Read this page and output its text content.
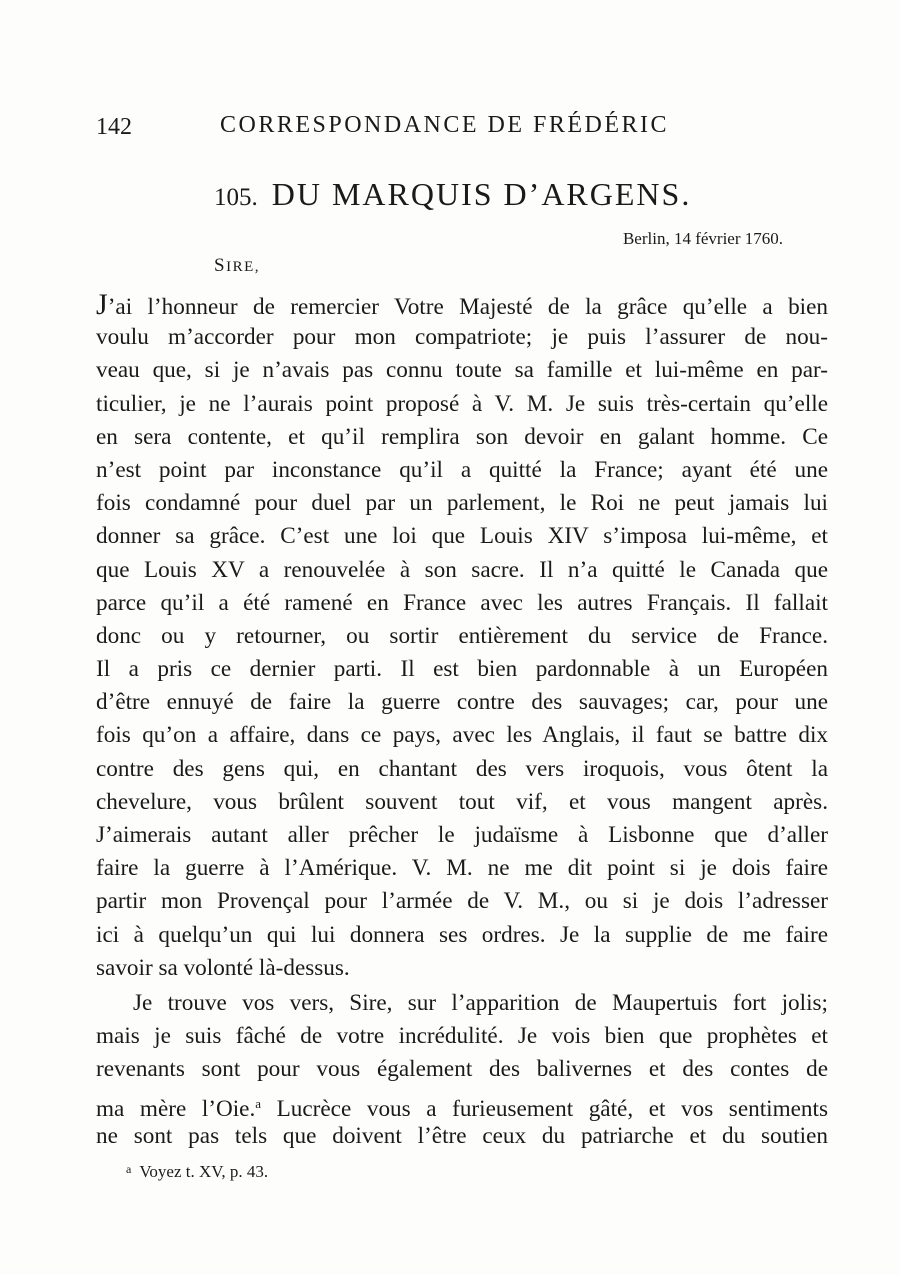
142	CORRESPONDANCE DE FRÉDÉRIC
105. DU MARQUIS D’ARGENS.
Berlin, 14 février 1760.
SIRE,
J’ai l’honneur de remercier Votre Majesté de la grâce qu’elle a bien
voulu m’accorder pour mon compatriote; je puis l’assurer de nou-
veau que, si je n’avais pas connu toute sa famille et lui-même en par-
ticulier, je ne l’aurais point proposé à V. M. Je suis très-certain qu’elle
en sera contente, et qu’il remplira son devoir en galant homme. Ce
n’est point par inconstance qu’il a quitté la France; ayant été une
fois condamné pour duel par un parlement, le Roi ne peut jamais lui
donner sa grâce. C’est une loi que Louis XIV s’imposa lui-même, et
que Louis XV a renouvelée à son sacre. Il n’a quitté le Canada que
parce qu’il a été ramené en France avec les autres Français. Il fallait
donc ou y retourner, ou sortir entièrement du service de France.
Il a pris ce dernier parti. Il est bien pardonnable à un Européen
d’être ennuyé de faire la guerre contre des sauvages; car, pour une
fois qu’on a affaire, dans ce pays, avec les Anglais, il faut se battre dix
contre des gens qui, en chantant des vers iroquois, vous ôtent la
chevelure, vous brûlent souvent tout vif, et vous mangent après.
J’aimerais autant aller prêcher le judaïsme à Lisbonne que d’aller
faire la guerre à l’Amérique. V. M. ne me dit point si je dois faire
partir mon Provençal pour l’armée de V. M., ou si je dois l’adresser
ici à quelqu’un qui lui donnera ses ordres. Je la supplie de me faire
savoir sa volonté là-dessus.
Je trouve vos vers, Sire, sur l’apparition de Maupertuis fort jolis;
mais je suis fâché de votre incrédulité. Je vois bien que prophètes et
revenants sont pour vous également des balivernes et des contes de
ma mère l’Oie.$^a$ Lucrèce vous a furieusement gâté, et vos sentiments
ne sont pas tels que doivent l’être ceux du patriarche et du soutien
$^a$ Voyez t. XV, p. 43.
